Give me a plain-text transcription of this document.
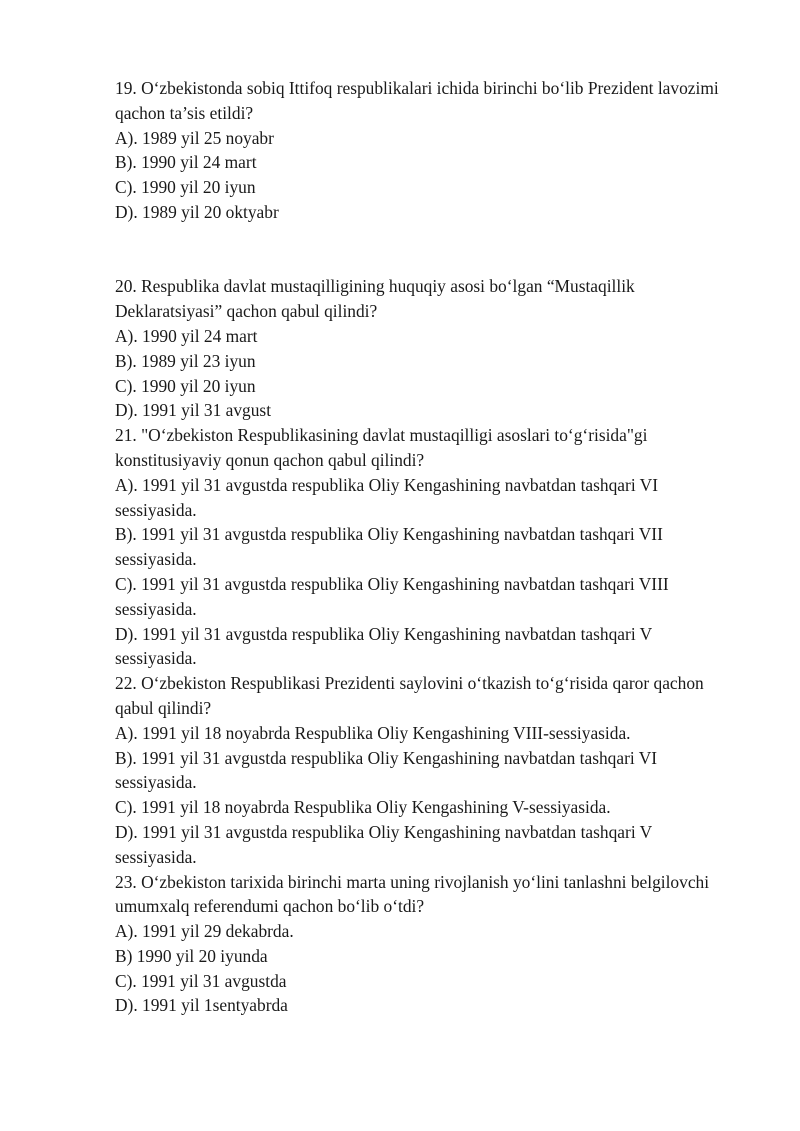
19. O‘zbekistonda sobiq Ittifoq respublikalari ichida birinchi bo‘lib Prezident lavozimi qachon ta’sis etildi?

A). 1989 yil 25 noyabr

B). 1990 yil 24 mart

C). 1990 yil 20 iyun

D). 1989 yil 20 oktyabr

20. Respublika davlat mustaqilligining huquqiy asosi bo‘lgan “Mustaqillik Deklaratsiyasi” qachon qabul qilindi?

A). 1990 yil 24 mart

B). 1989 yil 23 iyun

C). 1990 yil 20 iyun

D). 1991 yil 31 avgust

21. "O‘zbekiston Respublikasining davlat mustaqilligi asoslari to‘g‘risida"gi konstitusiyaviy qonun qachon qabul qilindi?

A). 1991 yil 31 avgustda respublika Oliy Kengashining navbatdan tashqari VI sessiyasida.

B). 1991 yil 31 avgustda respublika Oliy Kengashining navbatdan tashqari VII sessiyasida.

C). 1991 yil 31 avgustda respublika Oliy Kengashining navbatdan tashqari VIII sessiyasida.

D). 1991 yil 31 avgustda respublika Oliy Kengashining navbatdan tashqari V sessiyasida.

22. O‘zbekiston Respublikasi Prezidenti saylovini o‘tkazish to‘g‘risida qaror qachon qabul qilindi?

A). 1991 yil 18 noyabrda Respublika Oliy Kengashining VIII-sessiyasida.

B). 1991 yil 31 avgustda respublika Oliy Kengashining navbatdan tashqari VI sessiyasida.

C). 1991 yil 18 noyabrda Respublika Oliy Kengashining V-sessiyasida.

D). 1991 yil 31 avgustda respublika Oliy Kengashining navbatdan tashqari V sessiyasida.

23. O‘zbekiston tarixida birinchi marta uning rivojlanish yo‘lini tanlashni belgilovchi umumxalq referendumi qachon bo‘lib o‘tdi?

A). 1991 yil 29 dekabrda.

B) 1990 yil 20 iyunda

C). 1991 yil 31 avgustda

D). 1991 yil 1sentyabrda
